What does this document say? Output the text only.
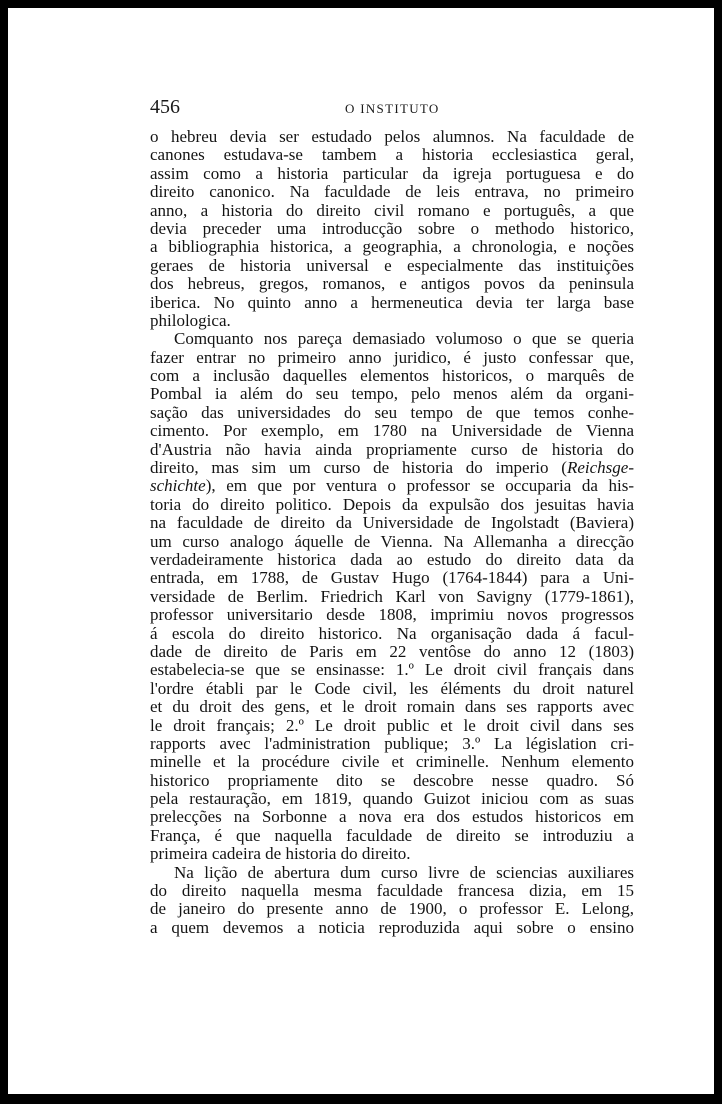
456	O INSTITUTO
o hebreu devia ser estudado pelos alumnos. Na faculdade de
canones estudava-se tambem a historia ecclesiastica geral,
assim como a historia particular da igreja portuguesa e do
direito canonico. Na faculdade de leis entrava, no primeiro
anno, a historia do direito civil romano e português, a que
devia preceder uma introducção sobre o methodo historico,
a bibliographia historica, a geographia, a chronologia, e noções
geraes de historia universal e especialmente das instituições
dos hebreus, gregos, romanos, e antigos povos da peninsula
iberica. No quinto anno a hermeneutica devia ter larga base
philologica.
Comquanto nos pareça demasiado volumoso o que se queria
fazer entrar no primeiro anno juridico, é justo confessar que,
com a inclusão daquelles elementos historicos, o marquês de
Pombal ia além do seu tempo, pelo menos além da organi-
sação das universidades do seu tempo de que temos conhe-
cimento. Por exemplo, em 1780 na Universidade de Vienna
d'Austria não havia ainda propriamente curso de historia do
direito, mas sim um curso de historia do imperio (Reichsge-
schichte), em que por ventura o professor se occuparia da his-
toria do direito politico. Depois da expulsão dos jesuitas havia
na faculdade de direito da Universidade de Ingolstadt (Baviera)
um curso analogo áquelle de Vienna. Na Allemanha a direcção
verdadeiramente historica dada ao estudo do direito data da
entrada, em 1788, de Gustav Hugo (1764-1844) para a Uni-
versidade de Berlim. Friedrich Karl von Savigny (1779-1861),
professor universitario desde 1808, imprimiu novos progressos
á escola do direito historico. Na organisação dada á facul-
dade de direito de Paris em 22 ventôse do anno 12 (1803)
estabelecia-se que se ensinasse: 1.º Le droit civil français dans
l'ordre établi par le Code civil, les éléments du droit naturel
et du droit des gens, et le droit romain dans ses rapports avec
le droit français; 2.º Le droit public et le droit civil dans ses
rapports avec l'administration publique; 3.º La législation cri-
minelle et la procédure civile et criminelle. Nenhum elemento
historico propriamente dito se descobre nesse quadro. Só
pela restauração, em 1819, quando Guizot iniciou com as suas
prelecções na Sorbonne a nova era dos estudos historicos em
França, é que naquella faculdade de direito se introduziu a
primeira cadeira de historia do direito.
Na lição de abertura dum curso livre de sciencias auxiliares
do direito naquella mesma faculdade francesa dizia, em 15
de janeiro do presente anno de 1900, o professor E. Lelong,
a quem devemos a noticia reproduzida aqui sobre o ensino
